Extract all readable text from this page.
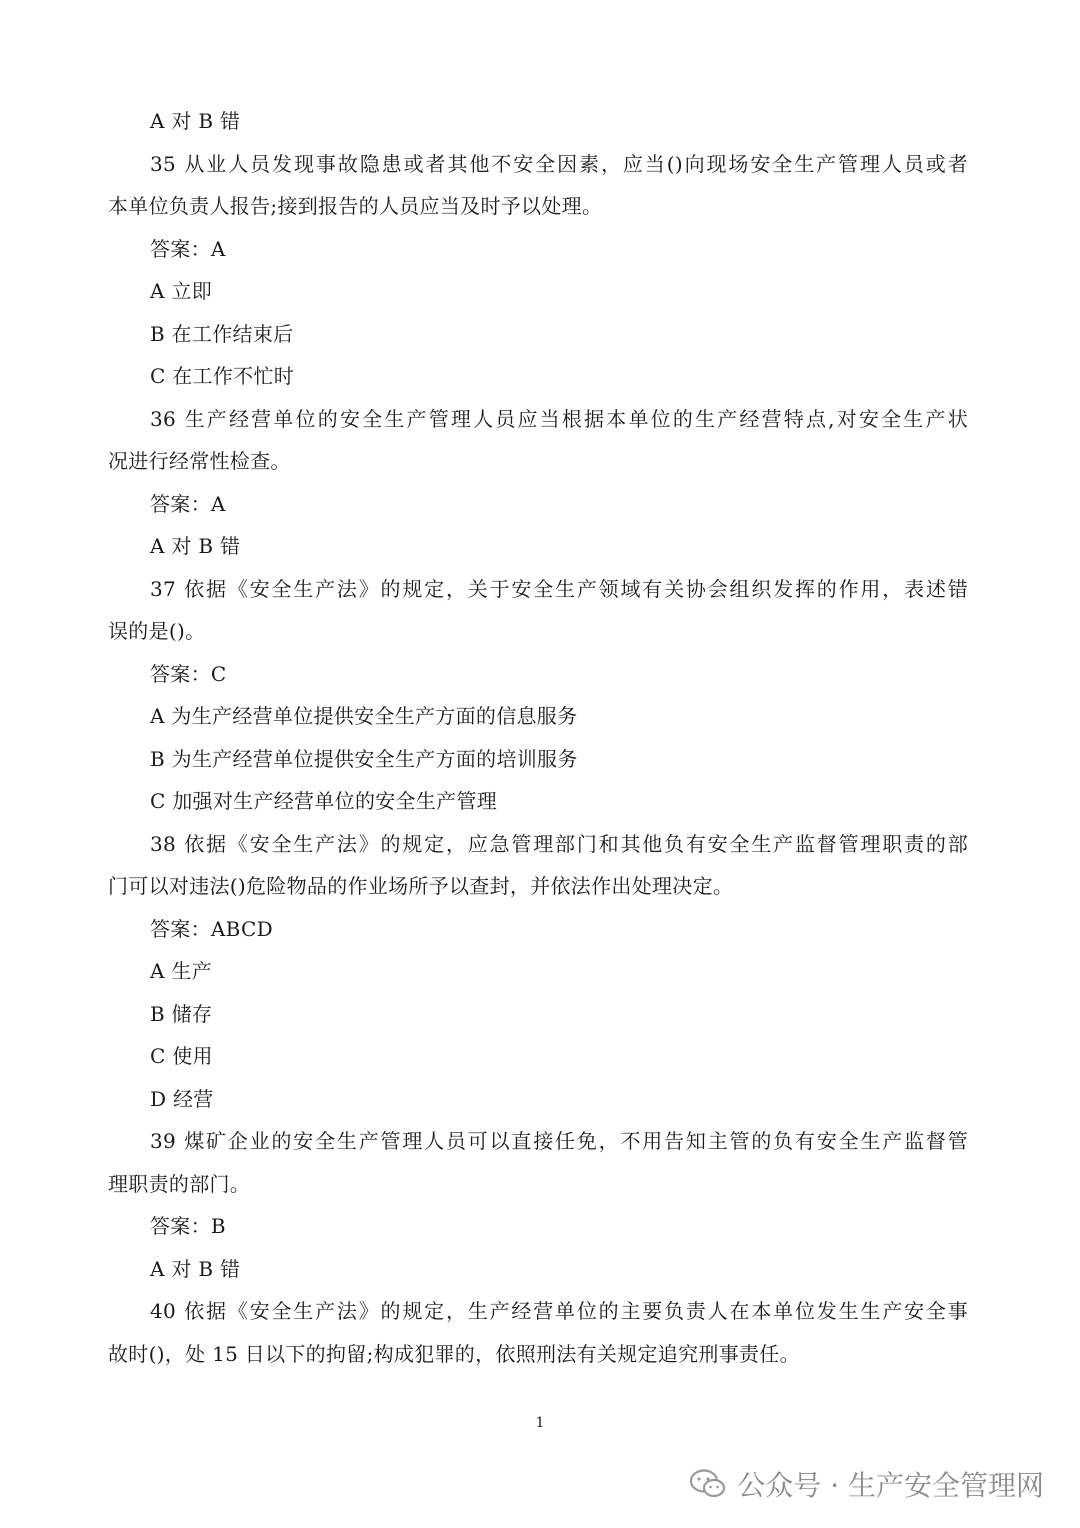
A 对 B 错
35 从业人员发现事故隐患或者其他不安全因素，应当()向现场安全生产管理人员或者
本单位负责人报告;接到报告的人员应当及时予以处理。
答案：A
A 立即
B 在工作结束后
C 在工作不忙时
36 生产经营单位的安全生产管理人员应当根据本单位的生产经营特点,对安全生产状
况进行经常性检查。
答案：A
A 对 B 错
37 依据《安全生产法》的规定，关于安全生产领域有关协会组织发挥的作用，表述错
误的是()。
答案：C
A 为生产经营单位提供安全生产方面的信息服务
B 为生产经营单位提供安全生产方面的培训服务
C 加强对生产经营单位的安全生产管理
38 依据《安全生产法》的规定，应急管理部门和其他负有安全生产监督管理职责的部
门可以对违法()危险物品的作业场所予以查封，并依法作出处理决定。
答案：ABCD
A 生产
B 储存
C 使用
D 经营
39 煤矿企业的安全生产管理人员可以直接任免，不用告知主管的负有安全生产监督管
理职责的部门。
答案：B
A 对 B 错
40 依据《安全生产法》的规定，生产经营单位的主要负责人在本单位发生生产安全事
故时()，处 15 日以下的拘留;构成犯罪的，依照刑法有关规定追究刑事责任。
1
公众号 · 生产安全管理网
